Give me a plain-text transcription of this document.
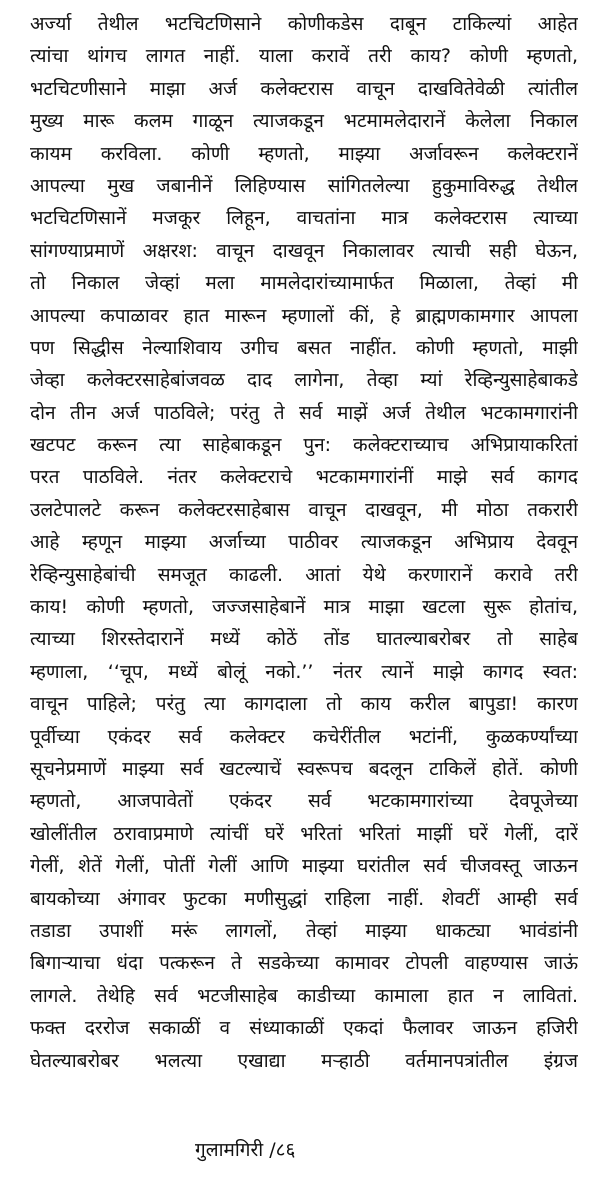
अर्ज्या तेथील भटचिटणिसाने कोणीकडेस दाबून टाकिल्यां आहेत
त्यांचा थांगच लागत नाहीं. याला करावें तरी काय? कोणी म्हणतो,
भटचिटणीसाने माझा अर्ज कलेक्टरास वाचून दाखवितेवेळी त्यांतील
मुख्य मारू कलम गाळून त्याजकडून भटमामलेदारानें केलेला निकाल
कायम करविला. कोणी म्हणतो, माझ्या अर्जावरून कलेक्टरानें
आपल्या मुख जबानीनें लिहिण्यास सांगितलेल्या हुकुमाविरुद्ध तेथील
भटचिटणिसानें मजकूर लिहून, वाचतांना मात्र कलेक्टरास त्याच्या
सांगण्याप्रमाणें अक्षरश: वाचून दाखवून निकालावर त्याची सही घेऊन,
तो निकाल जेव्हां मला मामलेदारांच्यामार्फत मिळाला, तेव्हां मी
आपल्या कपाळावर हात मारून म्हणालों कीं, हे ब्राह्मणकामगार आपला
पण सिद्धीस नेल्याशिवाय उगीच बसत नाहींत. कोणी म्हणतो, माझी
जेव्हा कलेक्टरसाहेबांजवळ दाद लागेना, तेव्हा म्यां रेव्हिन्युसाहेबाकडे
दोन तीन अर्ज पाठविले; परंतु ते सर्व माझें अर्ज तेथील भटकामगारांनी
खटपट करून त्या साहेबाकडून पुन: कलेक्टराच्याच अभिप्रायाकरितां
परत पाठविले. नंतर कलेक्टराचे भटकामगारांनीं माझे सर्व कागद
उलटेपालटे करून कलेक्टरसाहेबास वाचून दाखवून, मी मोठा तकरारी
आहे म्हणून माझ्या अर्जाच्या पाठीवर त्याजकडून अभिप्राय देववून
रेव्हिन्युसाहेबांची समजूत काढली. आतां येथे करणारानें करावे तरी
काय! कोणी म्हणतो, जज्जसाहेबानें मात्र माझा खटला सुरू होतांच,
त्याच्या शिरस्तेदारानें मध्यें कोठें तोंड घातल्याबरोबर तो साहेब
म्हणाला, ‘‘चूप, मध्यें बोलूं नको.’’ नंतर त्यानें माझे कागद स्वत:
वाचून पाहिले; परंतु त्या कागदाला तो काय करील बापुडा! कारण
पूर्वीच्या एकंदर सर्व कलेक्टर कचेरींतील भटांनीं, कुळकर्ण्यांच्या
सूचनेप्रमाणें माझ्या सर्व खटल्याचें स्वरूपच बदलून टाकिलें होतें. कोणी
म्हणतो, आजपावेतों एकंदर सर्व भटकामगारांच्या देवपूजेच्या
खोलींतील ठरावाप्रमाणे त्यांचीं घरें भरितां भरितां माझीं घरें गेलीं, दारें
गेलीं, शेतें गेलीं, पोतीं गेलीं आणि माझ्या घरांतील सर्व चीजवस्तू जाऊन
बायकोच्या अंगावर फुटका मणीसुद्धां राहिला नाहीं. शेवटीं आम्ही सर्व
तडाडा उपाशीं मरूं लागलों, तेव्हां माझ्या धाकट्या भावंडांनी
बिगाऱ्याचा धंदा पत्करून ते सडकेच्या कामावर टोपली वाहण्यास जाऊं
लागले. तेथेहि सर्व भटजीसाहेब काडीच्या कामाला हात न लावितां.
फक्त दररोज सकाळीं व संध्याकाळीं एकदां फैलावर जाऊन हजिरी
घेतल्याबरोबर भलत्या एखाद्या मऱ्हाठी वर्तमानपत्रांतील इंग्रज
गुलामगिरी /८६
